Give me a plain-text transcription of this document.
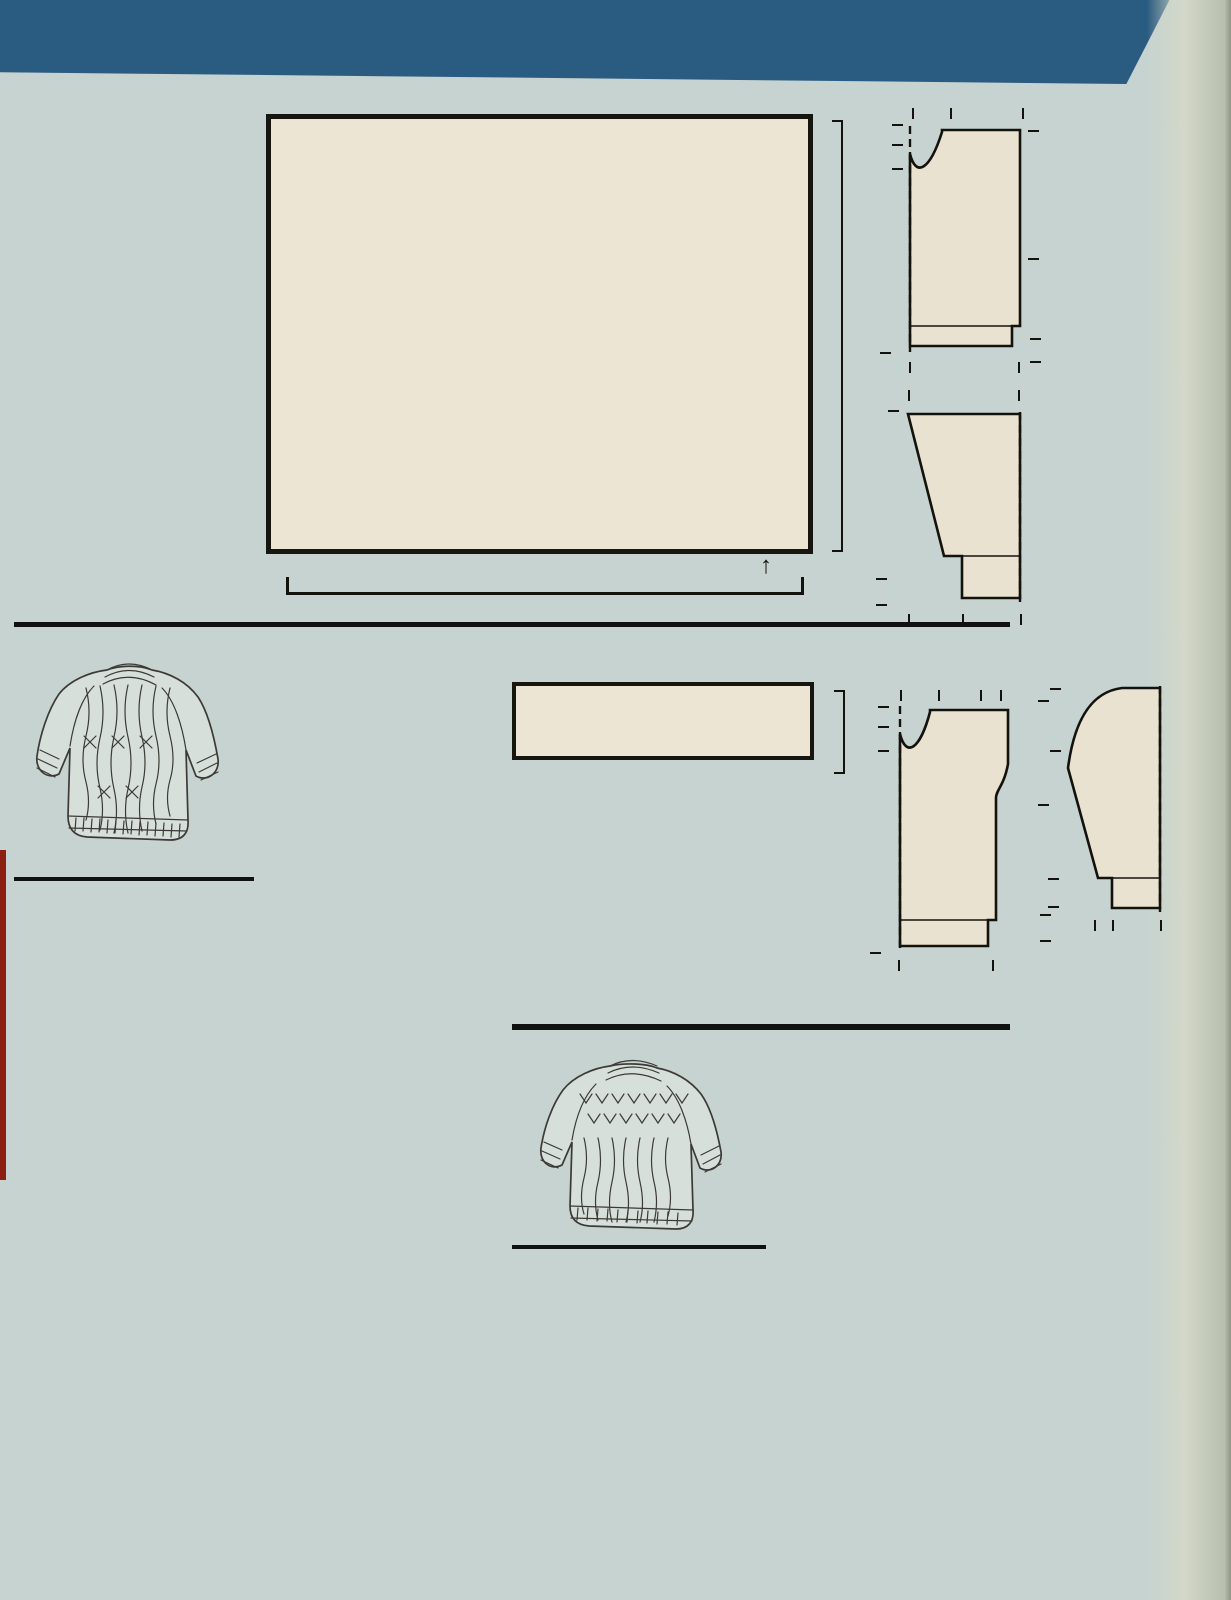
↑
